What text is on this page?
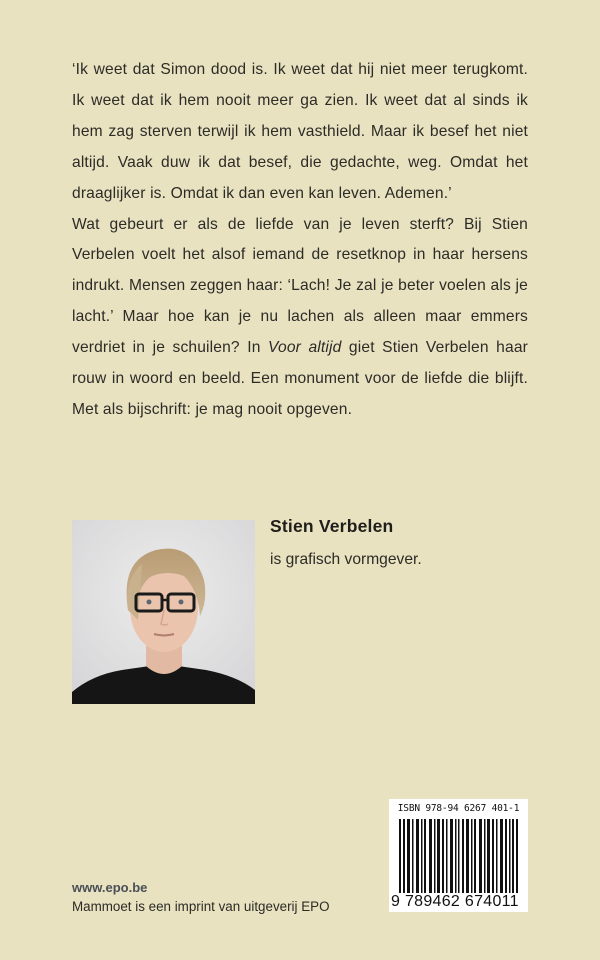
‘Ik weet dat Simon dood is. Ik weet dat hij niet meer terugkomt. Ik weet dat ik hem nooit meer ga zien. Ik weet dat al sinds ik hem zag sterven terwijl ik hem vasthield. Maar ik besef het niet altijd. Vaak duw ik dat besef, die gedachte, weg. Omdat het draaglijker is. Omdat ik dan even kan leven. Ademen.’

Wat gebeurt er als de liefde van je leven sterft? Bij Stien Verbelen voelt het alsof iemand de resetknop in haar hersens indrukt. Mensen zeggen haar: ‘Lach! Je zal je beter voelen als je lacht.’ Maar hoe kan je nu lachen als alleen maar emmers verdriet in je schuilen? In Voor altijd giet Stien Verbelen haar rouw in woord en beeld. Een monument voor de liefde die blijft. Met als bijschrift: je mag nooit opgeven.

Stien Verbelen
is grafisch vormgever.
ISBN 978-94 6267 401-1
9 789462 674011
www.epo.be
Mammoet is een imprint van uitgeverij EPO
